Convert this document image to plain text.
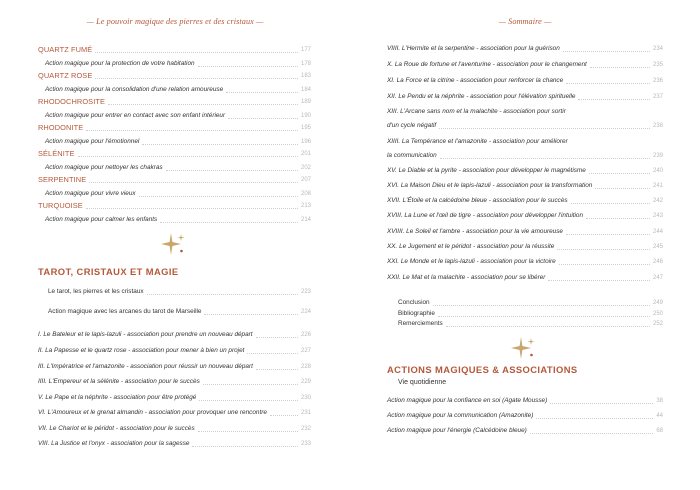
— Le pouvoir magique des pierres et des cristaux —
QUARTZ FUMÉ	177
Action magique pour la protection de votre habitation	178
QUARTZ ROSE	183
Action magique pour la consolidation d'une relation amoureuse	184
RHODOCHROSITE	189
Action magique pour entrer en contact avec son enfant intérieur	190
RHODONITE	195
Action magique pour l'émotionnel	196
SÉLÉNITE	201
Action magique pour nettoyer les chakras	202
SERPENTINE	207
Action magique pour vivre vieux	208
TURQUOISE	213
Action magique pour calmer les enfants	214
TAROT, CRISTAUX ET MAGIE
Le tarot, les pierres et les cristaux	223
Action magique avec les arcanes du tarot de Marseille	224
I. Le Bateleur et le lapis-lazuli - association pour prendre un nouveau départ	226
II. La Papesse et le quartz rose - association pour mener à bien un projet	227
III. L'Impératrice et l'amazonite - association pour réussir un nouveau départ	228
IIII. L'Empereur et la sélénite - association pour le succès	229
V. Le Pape et la néphrite - association pour être protégé	230
VI. L'Amoureux et le grenat almandin - association pour provoquer une rencontre	231
VII. Le Chariot et le péridot - association pour le succès	232
VIII. La Justice et l'onyx - association pour la sagesse	233
— Sommaire —
VIIII. L'Hermite et la serpentine - association pour la guérison	234
X. La Roue de fortune et l'aventurine - association pour le changement	235
XI. La Force et la citrine - association pour renforcer la chance	236
XII. Le Pendu et la néphrite - association pour l'élévation spirituelle	237
XIII. L'Arcane sans nom et la malachite - association pour sortir
d'un cycle négatif	238
XIIII. La Tempérance et l'amazonite - association pour améliorer
la communication	239
XV. Le Diable et la pyrite - association pour développer le magnétisme	240
XVI. La Maison Dieu et le lapis-lazuli - association pour la transformation	241
XVII. L'Étoile et la calcédoine bleue - association pour le succès	242
XVIII. La Lune et l'œil de tigre - association pour développer l'intuition	243
XVIIII. Le Soleil et l'ambre - association pour la vie amoureuse	244
XX. Le Jugement et le péridot - association pour la réussite	245
XXI. Le Monde et le lapis-lazuli - association pour la victoire	246
XXII. Le Mat et la malachite - association pour se libérer	247
Conclusion	249
Bibliographie	250
Remerciements	252
ACTIONS MAGIQUES & ASSOCIATIONS
Vie quotidienne
Action magique pour la confiance en soi (Agate Mousse)	38
Action magique pour la communication (Amazonite)	44
Action magique pour l'énergie (Calcédoine bleue)	68
